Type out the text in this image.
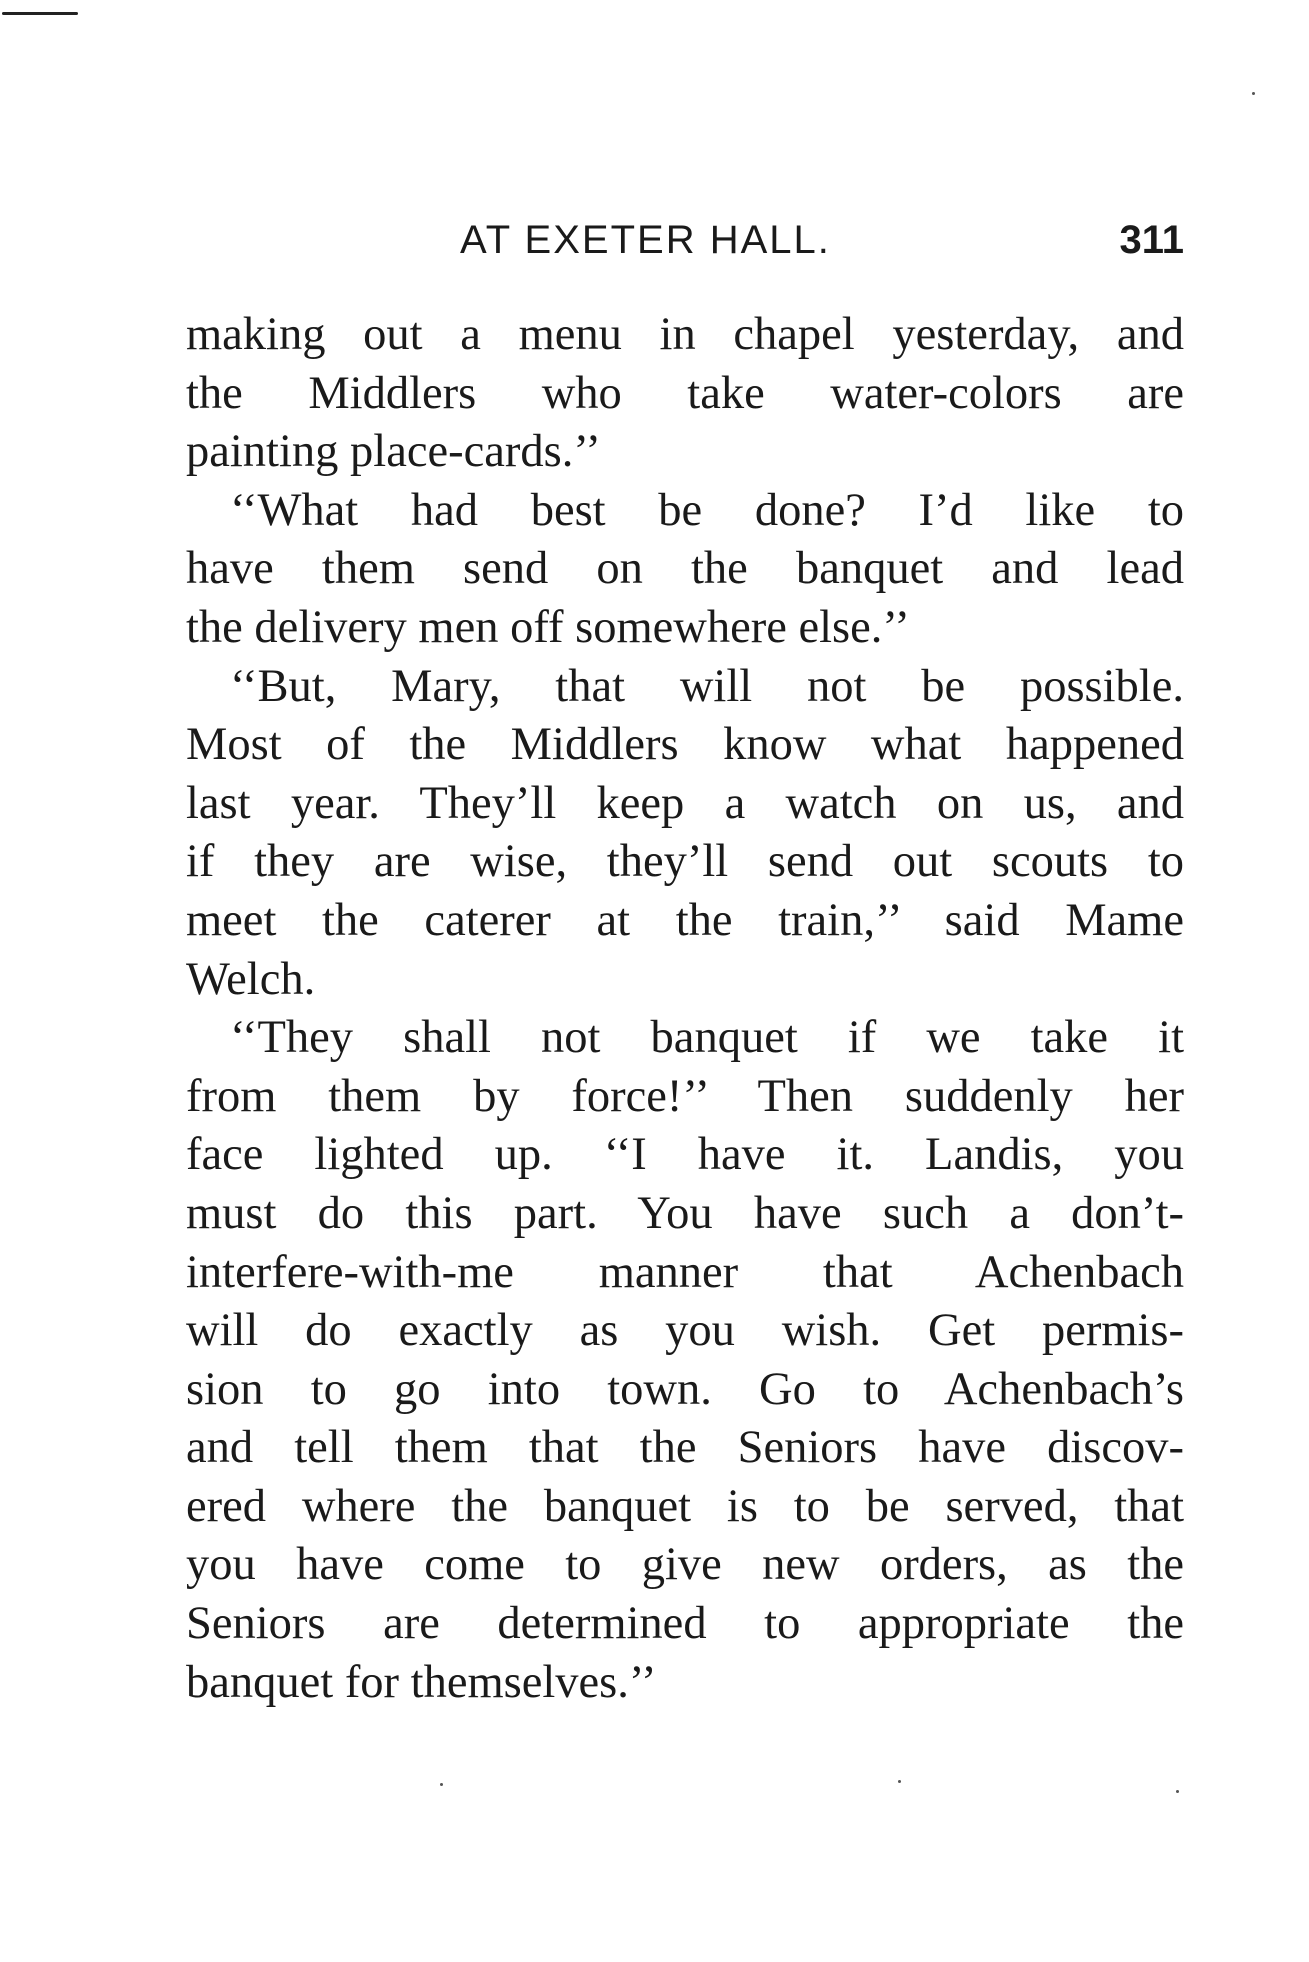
AT EXETER HALL.	311
making out a menu in chapel yesterday, and
the Middlers who take water-colors are
painting place-cards.’’
‘‘What had best be done? I’d like to
have them send on the banquet and lead
the delivery men off somewhere else.’’
‘‘But, Mary, that will not be possible.
Most of the Middlers know what happened
last year. They’ll keep a watch on us, and
if they are wise, they’ll send out scouts to
meet the caterer at the train,’’ said Mame
Welch.
‘‘They shall not banquet if we take it
from them by force!’’ Then suddenly her
face lighted up. ‘‘I have it. Landis, you
must do this part. You have such a don’t-
interfere-with-me manner that Achenbach
will do exactly as you wish. Get permis-
sion to go into town. Go to Achenbach’s
and tell them that the Seniors have discov-
ered where the banquet is to be served, that
you have come to give new orders, as the
Seniors are determined to appropriate the
banquet for themselves.’’
